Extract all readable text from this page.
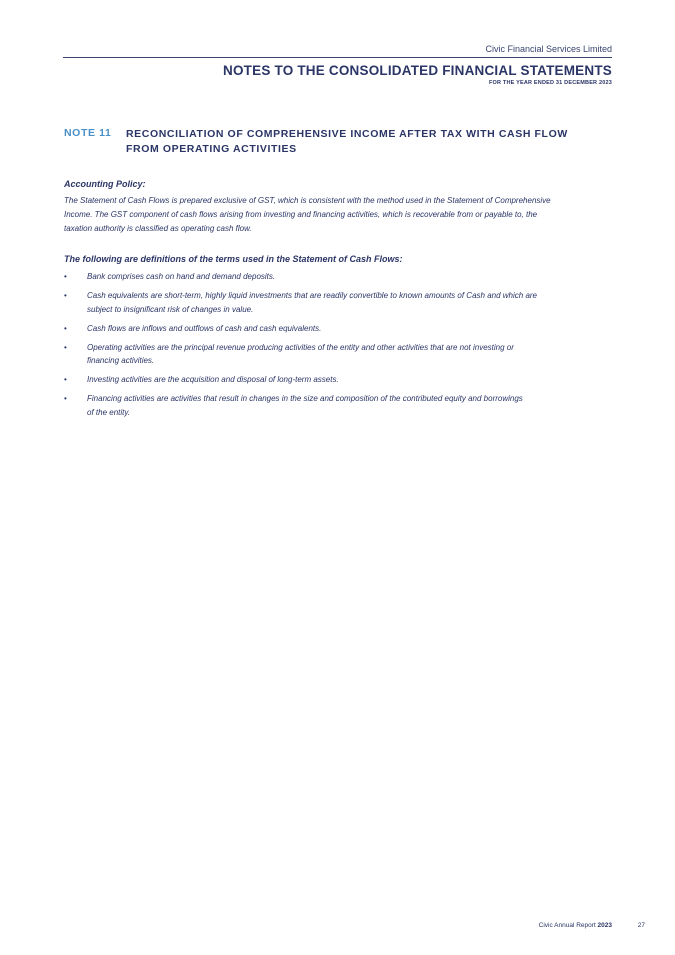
Civic Financial Services Limited
NOTES TO THE CONSOLIDATED FINANCIAL STATEMENTS
FOR THE YEAR ENDED 31 DECEMBER 2023
NOTE 11 RECONCILIATION OF COMPREHENSIVE INCOME AFTER TAX WITH CASH FLOW
FROM OPERATING ACTIVITIES
Accounting Policy:
The Statement of Cash Flows is prepared exclusive of GST, which is consistent with the method used in the Statement of Comprehensive
Income. The GST component of cash flows arising from investing and financing activities, which is recoverable from or payable to, the
taxation authority is classified as operating cash flow.
The following are definitions of the terms used in the Statement of Cash Flows:
•	Bank comprises cash on hand and demand deposits.
•	Cash equivalents are short-term, highly liquid investments that are readily convertible to known amounts of Cash and which are
subject to insignificant risk of changes in value.
•	Cash flows are inflows and outflows of cash and cash equivalents.
•	Operating activities are the principal revenue producing activities of the entity and other activities that are not investing or
financing activities.
•	Investing activities are the acquisition and disposal of long-term assets.
•	Financing activities are activities that result in changes in the size and composition of the contributed equity and borrowings
of the entity.
Civic Annual Report 2023	27
